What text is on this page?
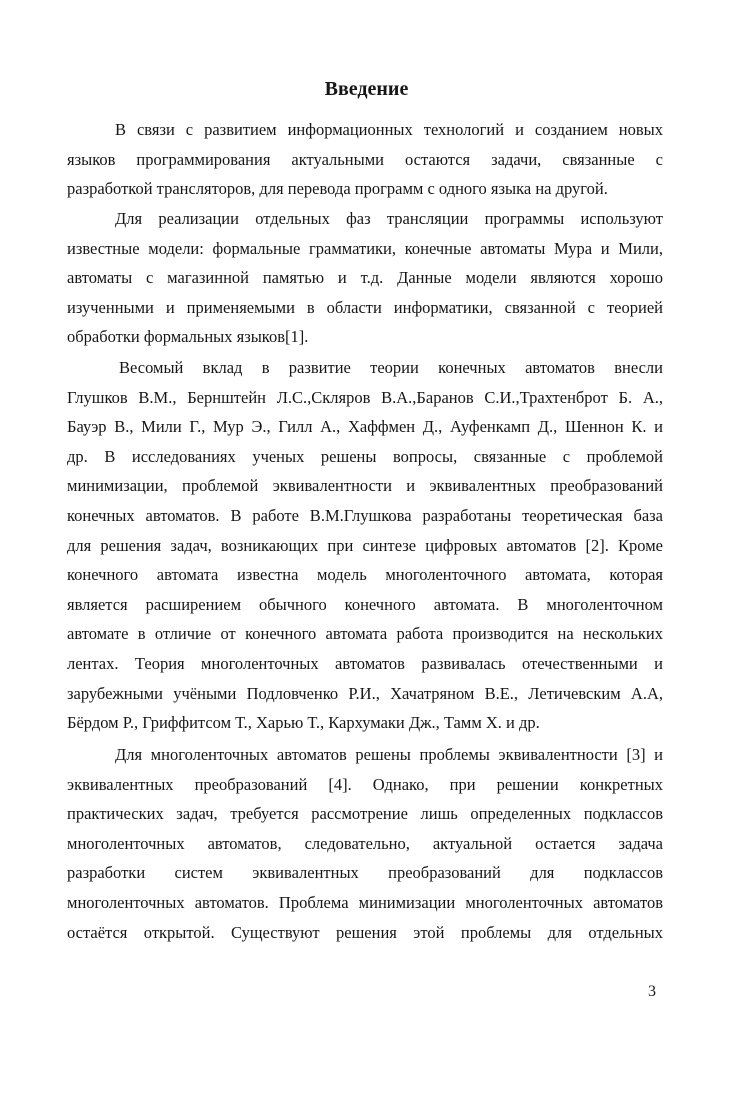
Введение

В связи с развитием информационных технологий и созданием новых
языков программирования актуальными остаются задачи, связанные с
разработкой трансляторов, для перевода программ с одного языка на другой.

Для реализации отдельных фаз трансляции программы используют
известные модели: формальные грамматики, конечные автоматы Мура и Мили,
автоматы с магазинной памятью и т.д. Данные модели являются хорошо
изученными и применяемыми в области информатики, связанной с теорией
обработки формальных языков[1].

Весомый вклад в развитие теории конечных автоматов внесли
Глушков В.М., Бернштейн Л.С.,Скляров В.А.,Баранов С.И.,Трахтенброт Б. А.,
Бауэр В., Мили Г., Мур Э., Гилл А., Хаффмен Д., Ауфенкамп Д., Шеннон К. и
др. В исследованиях ученых решены вопросы, связанные с проблемой
минимизации, проблемой эквивалентности и эквивалентных преобразований
конечных автоматов. В работе В.М.Глушкова разработаны теоретическая база
для решения задач, возникающих при синтезе цифровых автоматов [2]. Кроме
конечного автомата известна модель многоленточного автомата, которая
является расширением обычного конечного автомата. В многоленточном
автомате в отличие от конечного автомата работа производится на нескольких
лентах. Теория многоленточных автоматов развивалась отечественными и
зарубежными учёными Подловченко Р.И., Хачатряном В.Е., Летичевским А.А,
Бёрдом Р., Гриффитсом Т., Харью Т., Кархумаки Дж., Тамм Х. и др.

Для многоленточных автоматов решены проблемы эквивалентности [3] и
эквивалентных преобразований [4]. Однако, при решении конкретных
практических задач, требуется рассмотрение лишь определенных подклассов
многоленточных автоматов, следовательно, актуальной остается задача
разработки систем эквивалентных преобразований для подклассов
многоленточных автоматов. Проблема минимизации многоленточных автоматов
остаётся открытой. Существуют решения этой проблемы для отдельных

3
